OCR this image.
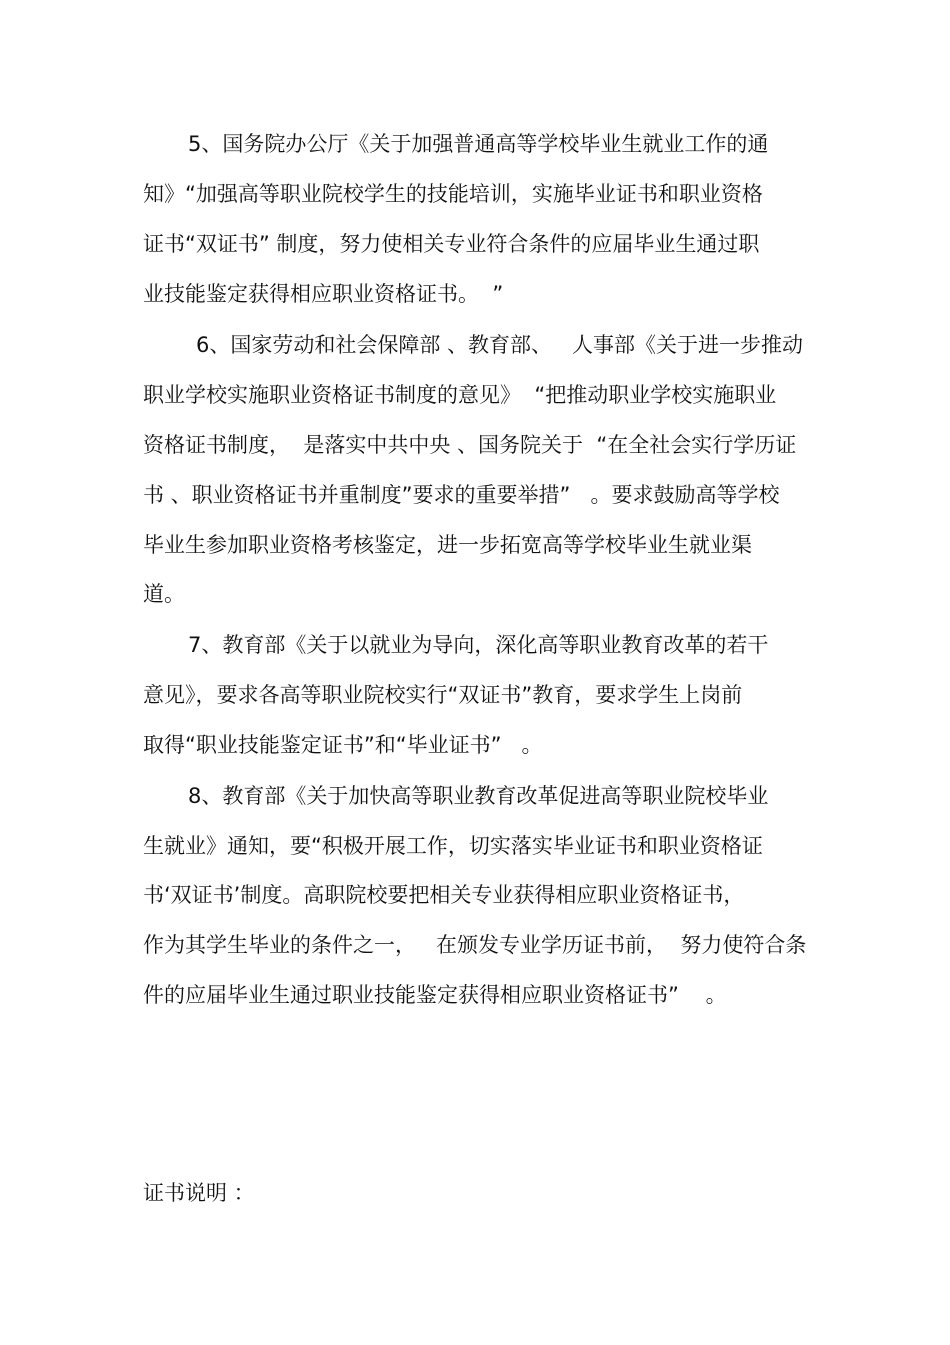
5、国务院办公厅《关于加强普通高等学校毕业生就业工作的通
知》“加强高等职业院校学生的技能培训，实施毕业证书和职业资格
证书“双证书” 制度，努力使相关专业符合条件的应届毕业生通过职
业技能鉴定获得相应职业资格证书。  ”
6、国家劳动和社会保障部 、教育部、   人事部《关于进一步推动
职业学校实施职业资格证书制度的意见》  “把推动职业学校实施职业
资格证书制度，  是落实中共中央 、国务院关于  “在全社会实行学历证
书 、职业资格证书并重制度”要求的重要举措”   。要求鼓励高等学校
毕业生参加职业资格考核鉴定，进一步拓宽高等学校毕业生就业渠
道。
7、教育部《关于以就业为导向，深化高等职业教育改革的若干
意见》，要求各高等职业院校实行“双证书”教育，要求学生上岗前
取得“职业技能鉴定证书”和“毕业证书”   。
8、教育部《关于加快高等职业教育改革促进高等职业院校毕业
生就业》通知，要“积极开展工作，切实落实毕业证书和职业资格证
书‘双证书’制度。高职院校要把相关专业获得相应职业资格证书，
作为其学生毕业的条件之一，   在颁发专业学历证书前，  努力使符合条
件的应届毕业生通过职业技能鉴定获得相应职业资格证书”    。
证书说明 ：
